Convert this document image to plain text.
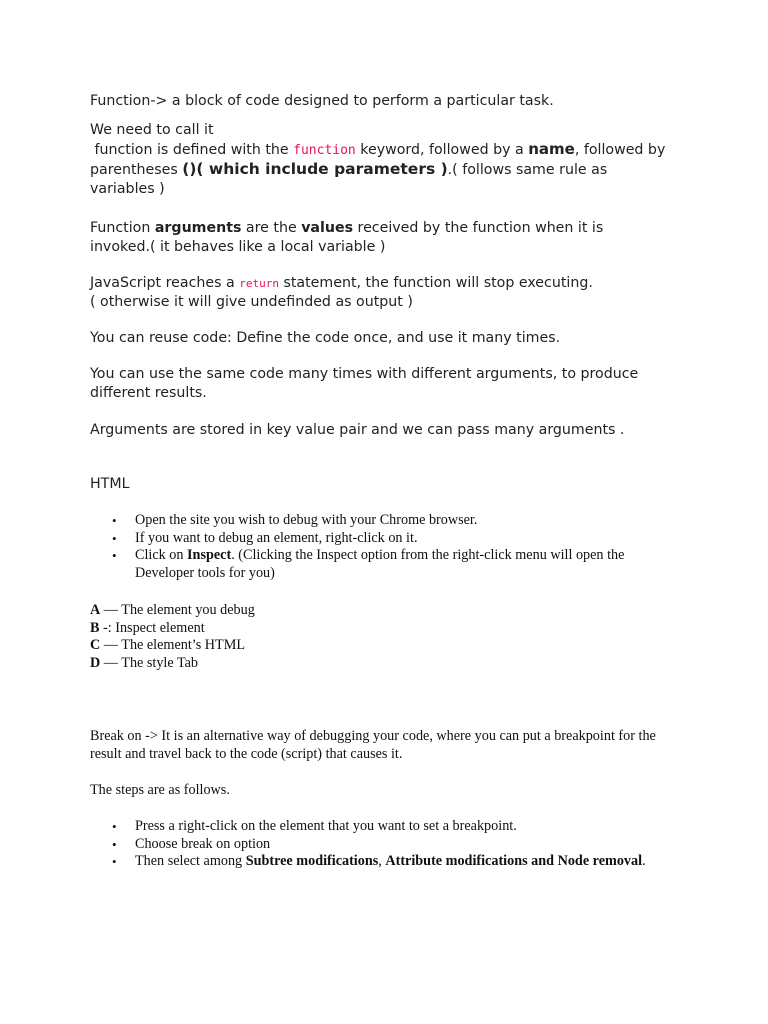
Function-> a block of code designed to perform a particular task.

We need to call it
function is defined with the function keyword, followed by a name, followed by parentheses ()( which include parameters ).( follows same rule as variables )

Function arguments are the values received by the function when it is invoked.( it behaves like a local variable )

JavaScript reaches a return statement, the function will stop executing.
( otherwise it will give undefinded as output )

You can reuse code: Define the code once, and use it many times.

You can use the same code many times with different arguments, to produce different results.

Arguments are stored in key value pair and we can pass many arguments .

HTML

• Open the site you wish to debug with your Chrome browser.
• If you want to debug an element, right-click on it.
• Click on Inspect. (Clicking the Inspect option from the right-click menu will open the Developer tools for you)
A — The element you debug
B -: Inspect element
C — The element’s HTML
D — The style Tab

Break on -> It is an alternative way of debugging your code, where you can put a breakpoint for the result and travel back to the code (script) that causes it.

The steps are as follows.

• Press a right-click on the element that you want to set a breakpoint.
• Choose break on option
• Then select among Subtree modifications, Attribute modifications and Node removal.
